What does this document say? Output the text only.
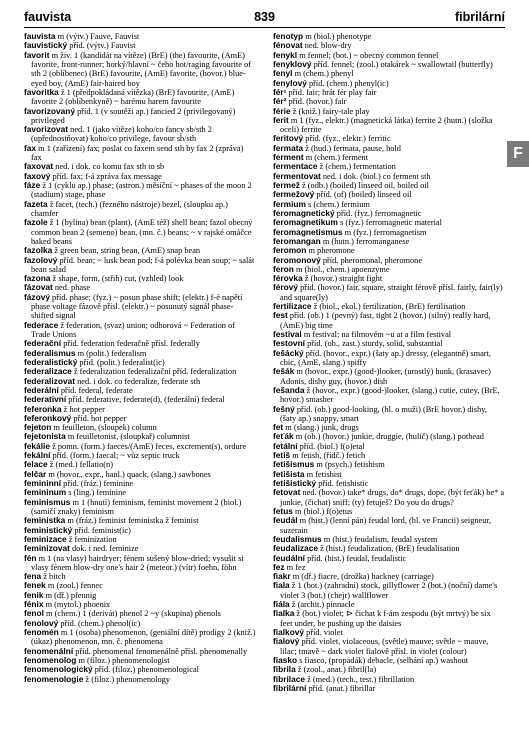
fauvista	839	fibrilární

fauvista m (výtv.) Fauve, Fauvist

fauvistický příd. (výtv.) Fauvist

favorit m živ. 1 (kandidát na vítěze) (BrE) (the) favourite, (AmE) favorite, front-runner; horký/hlavní ~ čeho hot/raging favourite of sth 2 (oblíbenec) (BrE) favourite, (AmE) favorite, (hovor.) blue-eyed boy, (AmE) fair-haired boy

favoritka ž 1 (předpokládaná vítězka) (BrE) favourite, (AmE) favorite 2 (oblíbenkyně) ~ harému harem favourite

favorizovaný příd. 1 (v soutěži ap.) fancied 2 (privilegovaný) privileged

favorizovat ned. 1 (jako vítěze) koho/co fancy sb/sth 2 (upřednostňovat) koho/co privilege, favour sb/sth

fax m 1 (zařízení) fax; poslat co faxem send sth by fax 2 (zpráva) fax

faxovat ned. i dok. co komu fax sth to sb

faxový příd. fax; f-á zpráva fax message

fáze ž 1 (cyklu ap.) phase; (astron.) měsíční ~ phases of the moon 2 (stadium) stage, phase

fazeta ž facet, (tech.) (řezného nástroje) bezel, (sloupku ap.) chamfer

fazole ž 1 (bylina) bean (plant), (AmE též) shell bean; fazol obecný common bean 2 (semeno) bean, (mn. č.) beans; ~ v rajské omáčce baked beans

fazolka ž green bean, string bean, (AmE) snap bean

fazolový příd. bean; ~ lusk bean pod; f-á polévka bean soup; ~ salát bean salad

fazona ž shape, form, (střih) cut, (vzhled) look

fázovat ned. phase

fázový příd. phase; (fyz.) ~ posun phase shift; (elektr.) f-é napětí phase voltage fázově přísl. (elektr.) ~ posunutý signál phase-shifted signal

federace ž federation, (svaz) union; odborová ~ Federation of Trade Unions

federační příd. federation federačně přísl. federally

federalismus m (polit.) federalism

federalistický příd. (polit.) federalist(ic)

federalizace ž federalization federalizační příd. federalization

federalizovat ned. i dok. co federalize, federate sth

federální příd. federal, federate

federativní příd. federative, federate(d), (federální) federal

feferonka ž hot pepper

feferonkový příd. hot pepper

fejeton m feuilleton, (sloupek) column

fejetonista m feuilletonist, (sloupkař) columnist

fekálie ž pomn. (form.) faeces/(AmE) feces, excrement(s), ordure

fekální příd. (form.) faecal; ~ vůz septic truck

felace ž (med.) fellatio(n)

felčar m (hovor., expr., hanl.) quack, (slang.) sawbones

femininní příd. (fráz.) feminine

femininum s (ling.) feminine

feminismus m 1 (hnutí) feminism, feminist movement 2 (biol.) (samičí znaky) feminism

feministka m (fráz.) feminist feministka ž feminist

feministický příd. feminist(ic)

feminizace ž feminization

feminizovat dok. i ned. feminize

fén m 1 (na vlasy) hairdryer; fénem sušený blow-dried; vysušit si vlasy fénem blow-dry one's hair 2 (meteor.) (vítr) foehn, föhn

fena ž bitch

fenek m (zool.) fennec

fenik m (dř.) pfennig

fénix m (mytol.) phoenix

fenol m (chem.) 1 (derivát) phenol 2 ~y (skupina) phenols

fenolový příd. (chem.) phenol(ic)

fenomén m 1 (osoba) phenomenon, (geniální dítě) prodigy 2 (kniž.) (úkaz) phenomenon, mn. č. phenomena

fenomenální příd. phenomenal fenomenálně přísl. phenomenally

fenomenolog m (filoz.) phenomenologist

fenomenologický příd. (filoz.) phenomenological

fenomenologie ž (filoz.) phenomenology

fenotyp m (biol.) phenotype

fénovat ned. blow-dry

fenykl m fennel; (bot.) ~ obecný common fennel

fenyklový příd. fennel; (zool.) otakárek ~ swallowtail (butterfly)

fenyl m (chem.) phenyl

fenylový příd. (chem.) phenyl(ic)

fér¹ příd. fair; hrát fér play fair

fér² příd. (hovor.) fair

férie ž (kniž.) fairy-tale play

ferit m 1 (fyz., elektr.) (magnetická látka) ferrite 2 (hutn.) (složka oceli) ferrite

feritový příd. (fyz., elektr.) ferritic

fermata ž (hud.) fermata, pause, hold

ferment m (chem.) ferment

fermentace ž (chem.) fermentation

fermentovat ned. i dok. (biol.) co ferment sth

fermež ž (odb.) (boiled) linseed oil, boiled oil

fermežový příd. (of) (boiled) linseed oil

fermium s (chem.) fermium

feromagnetický příd. (fyz.) ferromagnetic

feromagnetikum s (fyz.) ferromagnetic material

feromagnetismus m (fyz.) ferromagnetism

feromangan m (hutn.) ferromanganese

feromon m pheromone

feromonový příd. pheromonal, pheromone

feron m (biol., chem.) apoenzyme

férovka ž (hovor.) straight fight

férový příd. (hovor.) fair, square, straight férově přísl. fairly, fair(ly) and square(ly)

fertilizace ž (biol., ekol.) fertilization, (BrE) fertilisation

fest příd. (ob.) 1 (pevný) fast, tight 2 (hovor.) (silný) really hard, (AmE) big time

festival m festival; na filmovém ~u at a film festival

festovní příd. (ob., zast.) sturdy, solid, substantial

fešácký příd. (hovor., expr.) (šaty ap.) dressy, (elegantně) smart, chic, (AmE, slang.) spiffy

fešák m (hovor., expr.) (good-)looker, (urostlý) hunk, (krasavec) Adonis, dishy guy, (hovor.) dish

fešanda ž (hovor., expr.) (good-)looker, (slang.) cutie, cutey, (BrE, hovor.) smasher

fešný příd. (ob.) good-looking, (hl. o muži) (BrE hovor.) dishy, (šaty ap.) snappy, smart

fet m (slang.) junk, drugs

feťák m (ob.) (hovor.) junkie, druggie, (hulič) (slang.) pothead

fetální příd. (biol.) f(o)etal

fetiš m fetish, (řídč.) fetich

fetišismus m (psych.) fetishism

fetišista m fetishist

fetišistický příd. fetishistic

fetovat ned. (hovor.) take* drugs, do* drugs, dope, (být feťák) be* a junkie, (čichat) sniff; (ty) fetuješ? Do you do drugs?

fetus m (biol.) f(o)etus

feudál m (hist.) (lenní pán) feudal lord, (hl. ve Francii) seigneur, suzerain

feudalismus m (hist.) feudalism, feudal system

feudalizace ž (hist.) feudalization, (BrE) feudalisation

feudální příd. (hist.) feudal, feudalistic

fez m fez

fiakr m (dř.) fiacre, (drožka) hackney (carriage)

fiala ž 1 (bot.) (zahradní) stock, gillyflower 2 (bot.) (noční) dame's violet 3 (bot.) (chejr) wallflower

fiála ž (archit.) pinnacle

fialka ž (bot.) violet; ⊳ čichat k f-ám zespodu (být mrtvý) be six feet under, be pushing up the daisies

fialkový příd. violet

fialový příd. violet, violaceous, (světle) mauve; světle ~ mauve, lilac; tmavě ~ dark violet fialově přísl. in violet (colour)

fiasko s fiasco, (propadák) debacle, (selhání ap.) washout

fibrila ž (zool., anat.) fibril(la)

fibrilace ž (med.) (tech., test.) fibrillation

fibrilární příd. (anat.) fibrillar

F
